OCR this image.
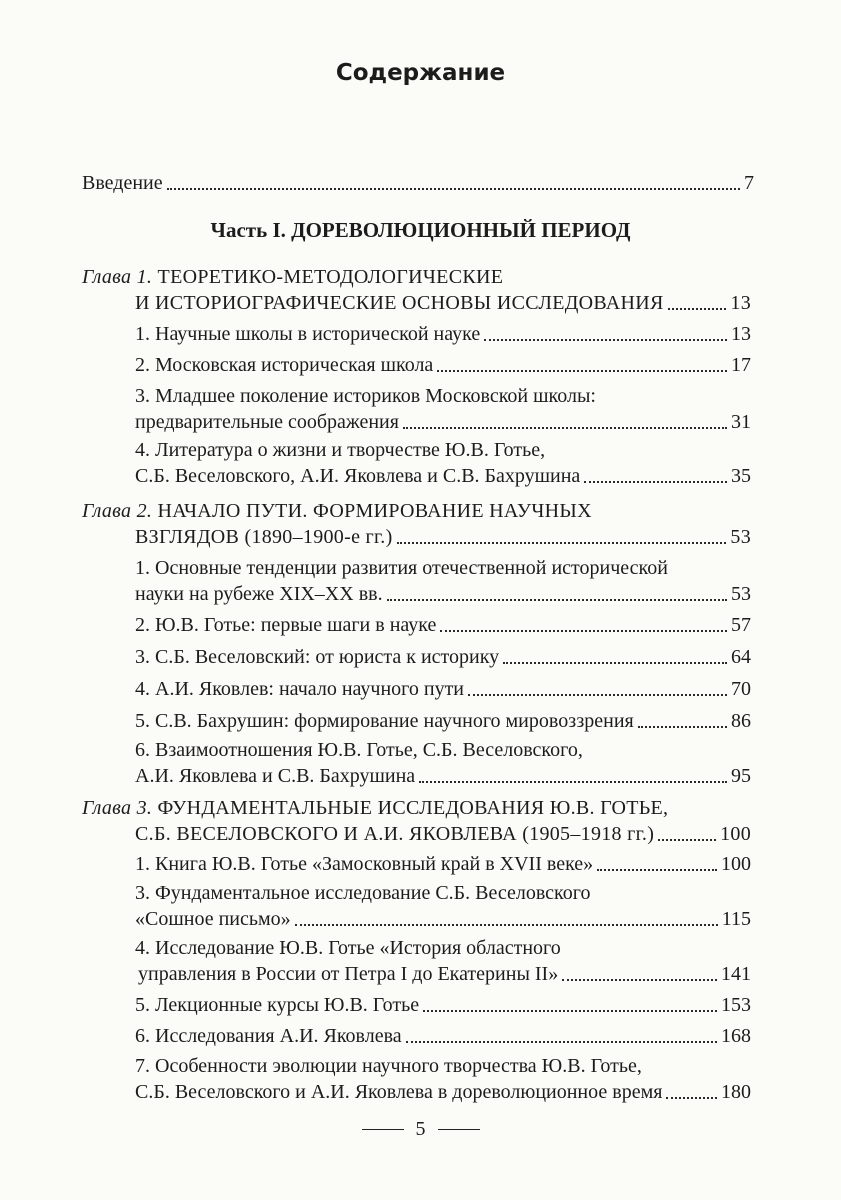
Содержание
Введение	7
Часть I. ДОРЕВОЛЮЦИОННЫЙ ПЕРИОД
Глава 1. ТЕОРЕТИКО-МЕТОДОЛОГИЧЕСКИЕ
И ИСТОРИОГРАФИЧЕСКИЕ ОСНОВЫ ИССЛЕДОВАНИЯ	13
1. Научные школы в исторической науке	13
2. Московская историческая школа	17
3. Младшее поколение историков Московской школы:
предварительные соображения	31
4. Литература о жизни и творчестве Ю.В. Готье,
С.Б. Веселовского, А.И. Яковлева и С.В. Бахрушина	35
Глава 2. НАЧАЛО ПУТИ. ФОРМИРОВАНИЕ НАУЧНЫХ
ВЗГЛЯДОВ (1890–1900-е гг.)	53
1. Основные тенденции развития отечественной исторической
науки на рубеже XIX–XX вв.	53
2. Ю.В. Готье: первые шаги в науке	57
3. С.Б. Веселовский: от юриста к историку	64
4. А.И. Яковлев: начало научного пути	70
5. С.В. Бахрушин: формирование научного мировоззрения	86
6. Взаимоотношения Ю.В. Готье, С.Б. Веселовского,
А.И. Яковлева и С.В. Бахрушина	95
Глава 3. ФУНДАМЕНТАЛЬНЫЕ ИССЛЕДОВАНИЯ Ю.В. ГОТЬЕ,
С.Б. ВЕСЕЛОВСКОГО И А.И. ЯКОВЛЕВА (1905–1918 гг.)	100
1. Книга Ю.В. Готье «Замосковный край в XVII веке»	100
3. Фундаментальное исследование С.Б. Веселовского
«Сошное письмо»	115
4. Исследование Ю.В. Готье «История областного
управления в России от Петра I до Екатерины II»	141
5. Лекционные курсы Ю.В. Готье	153
6. Исследования А.И. Яковлева	168
7. Особенности эволюции научного творчества Ю.В. Готье,
С.Б. Веселовского и А.И. Яковлева в дореволюционное время	180
5
